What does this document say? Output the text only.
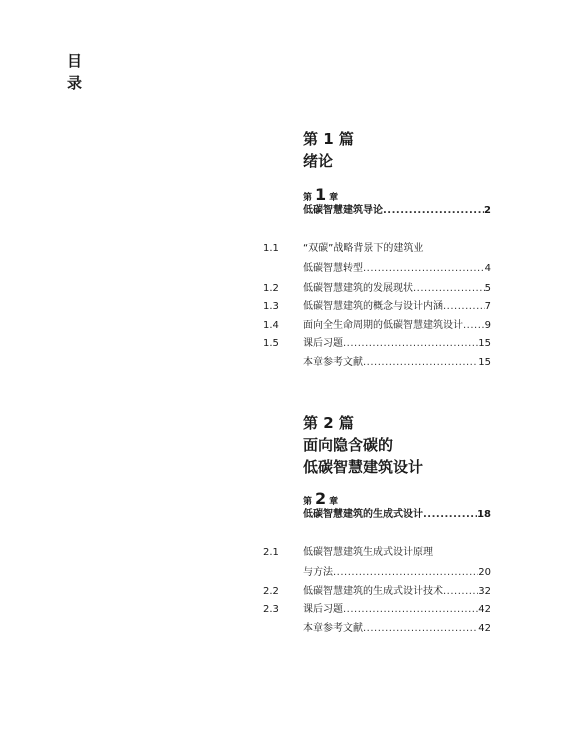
目
录
第 1 篇
绪论
第 1 章
低碳智慧建筑导论 .....	2
1.1 “双碳”战略背景下的建筑业
低碳智慧转型 .....	4
1.2 低碳智慧建筑的发展现状 .....	5
1.3 低碳智慧建筑的概念与设计内涵 .....	7
1.4 面向全生命周期的低碳智慧建筑设计 ..... 9
1.5 课后习题 .....	15
本章参考文献 .....	15
第 2 篇
面向隐含碳的
低碳智慧建筑设计
第 2 章
低碳智慧建筑的生成式设计 .....	18
2.1 低碳智慧建筑生成式设计原理
与方法 .....	20
2.2 低碳智慧建筑的生成式设计技术 .....	32
2.3 课后习题 .....	42
本章参考文献 .....	42
